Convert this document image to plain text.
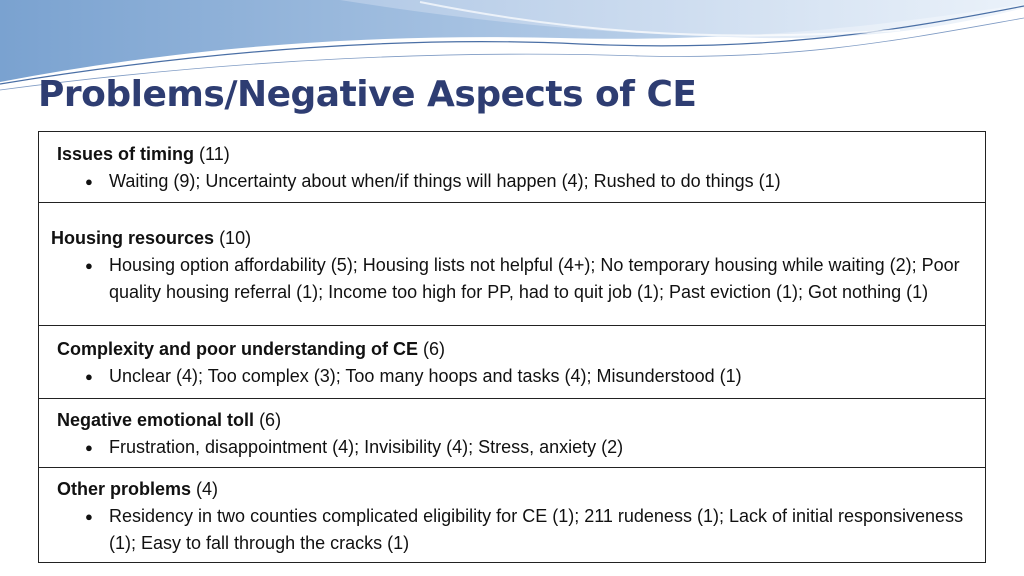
Problems/Negative Aspects of CE
Issues of timing (11)
● Waiting (9); Uncertainty about when/if things will happen (4); Rushed to do things (1)

Housing resources (10)
● Housing option affordability (5); Housing lists not helpful (4+); No temporary housing while waiting (2); Poor quality housing referral (1); Income too high for PP, had to quit job (1); Past eviction (1); Got nothing (1)

Complexity and poor understanding of CE (6)
● Unclear (4); Too complex (3); Too many hoops and tasks (4); Misunderstood (1)

Negative emotional toll (6)
● Frustration, disappointment (4); Invisibility (4); Stress, anxiety (2)

Other problems (4)
● Residency in two counties complicated eligibility for CE (1); 211 rudeness (1); Lack of initial responsiveness (1); Easy to fall through the cracks (1)
